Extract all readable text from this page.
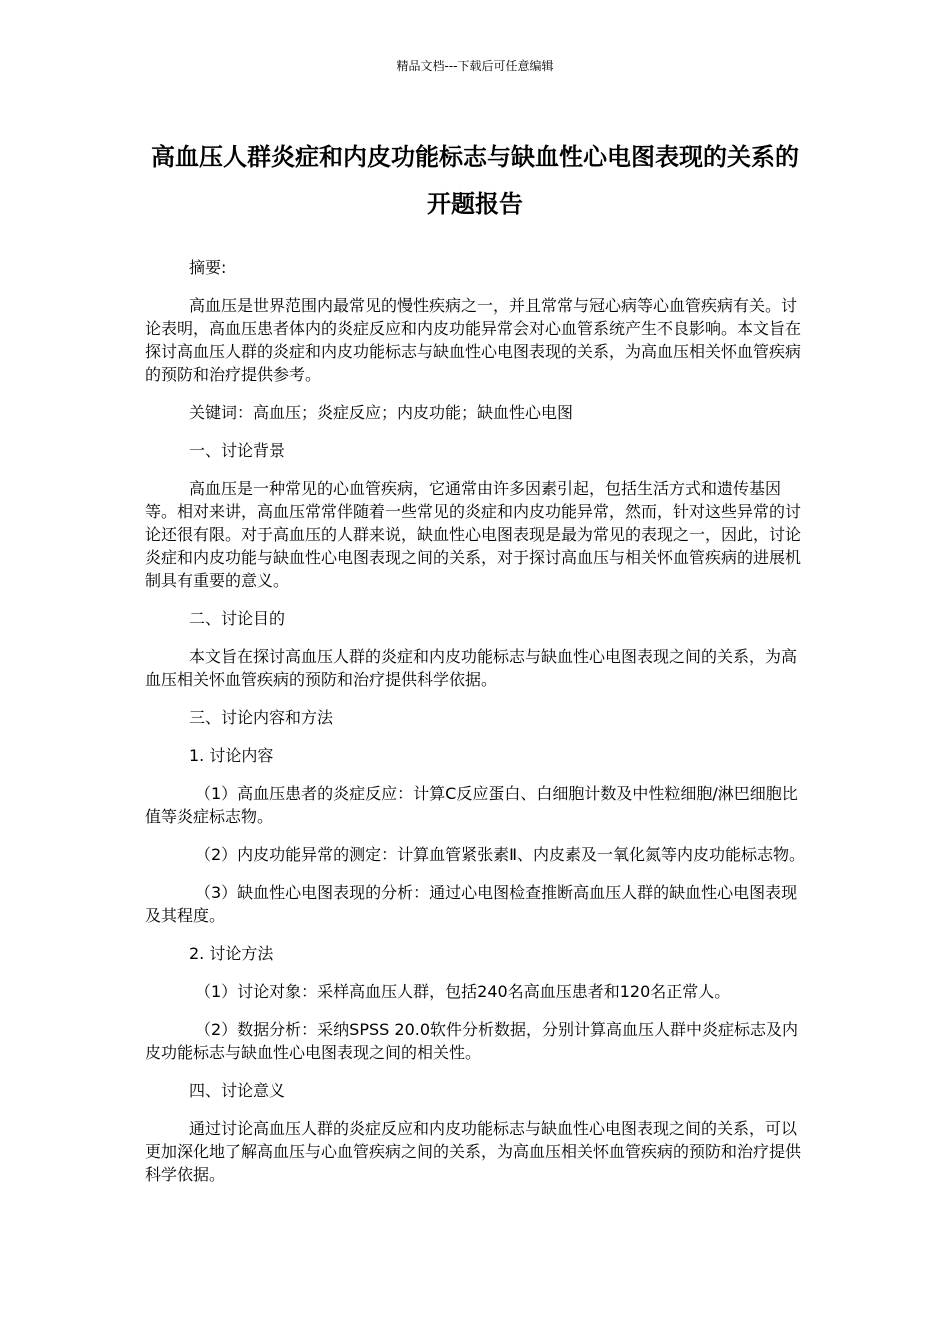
精品文档---下载后可任意编辑
高血压人群炎症和内皮功能标志与缺血性心电图表现的关系的开题报告

摘要:

高血压是世界范围内最常见的慢性疾病之一，并且常常与冠心病等心血管疾病有关。讨论表明，高血压患者体内的炎症反应和内皮功能异常会对心血管系统产生不良影响。本文旨在探讨高血压人群的炎症和内皮功能标志与缺血性心电图表现的关系，为高血压相关怀血管疾病的预防和治疗提供参考。

关键词：高血压；炎症反应；内皮功能；缺血性心电图

一、讨论背景

高血压是一种常见的心血管疾病，它通常由许多因素引起，包括生活方式和遗传基因等。相对来讲，高血压常常伴随着一些常见的炎症和内皮功能异常，然而，针对这些异常的讨论还很有限。对于高血压的人群来说，缺血性心电图表现是最为常见的表现之一，因此，讨论炎症和内皮功能与缺血性心电图表现之间的关系，对于探讨高血压与相关怀血管疾病的进展机制具有重要的意义。

二、讨论目的

本文旨在探讨高血压人群的炎症和内皮功能标志与缺血性心电图表现之间的关系，为高血压相关怀血管疾病的预防和治疗提供科学依据。

三、讨论内容和方法

1. 讨论内容

（1）高血压患者的炎症反应：计算C反应蛋白、白细胞计数及中性粒细胞/淋巴细胞比值等炎症标志物。

（2）内皮功能异常的测定：计算血管紧张素Ⅱ、内皮素及一氧化氮等内皮功能标志物。

（3）缺血性心电图表现的分析：通过心电图检查推断高血压人群的缺血性心电图表现及其程度。

2. 讨论方法

（1）讨论对象：采样高血压人群，包括240名高血压患者和120名正常人。

（2）数据分析：采纳SPSS 20.0软件分析数据，分别计算高血压人群中炎症标志及内皮功能标志与缺血性心电图表现之间的相关性。

四、讨论意义

通过讨论高血压人群的炎症反应和内皮功能标志与缺血性心电图表现之间的关系，可以更加深化地了解高血压与心血管疾病之间的关系，为高血压相关怀血管疾病的预防和治疗提供科学依据。
